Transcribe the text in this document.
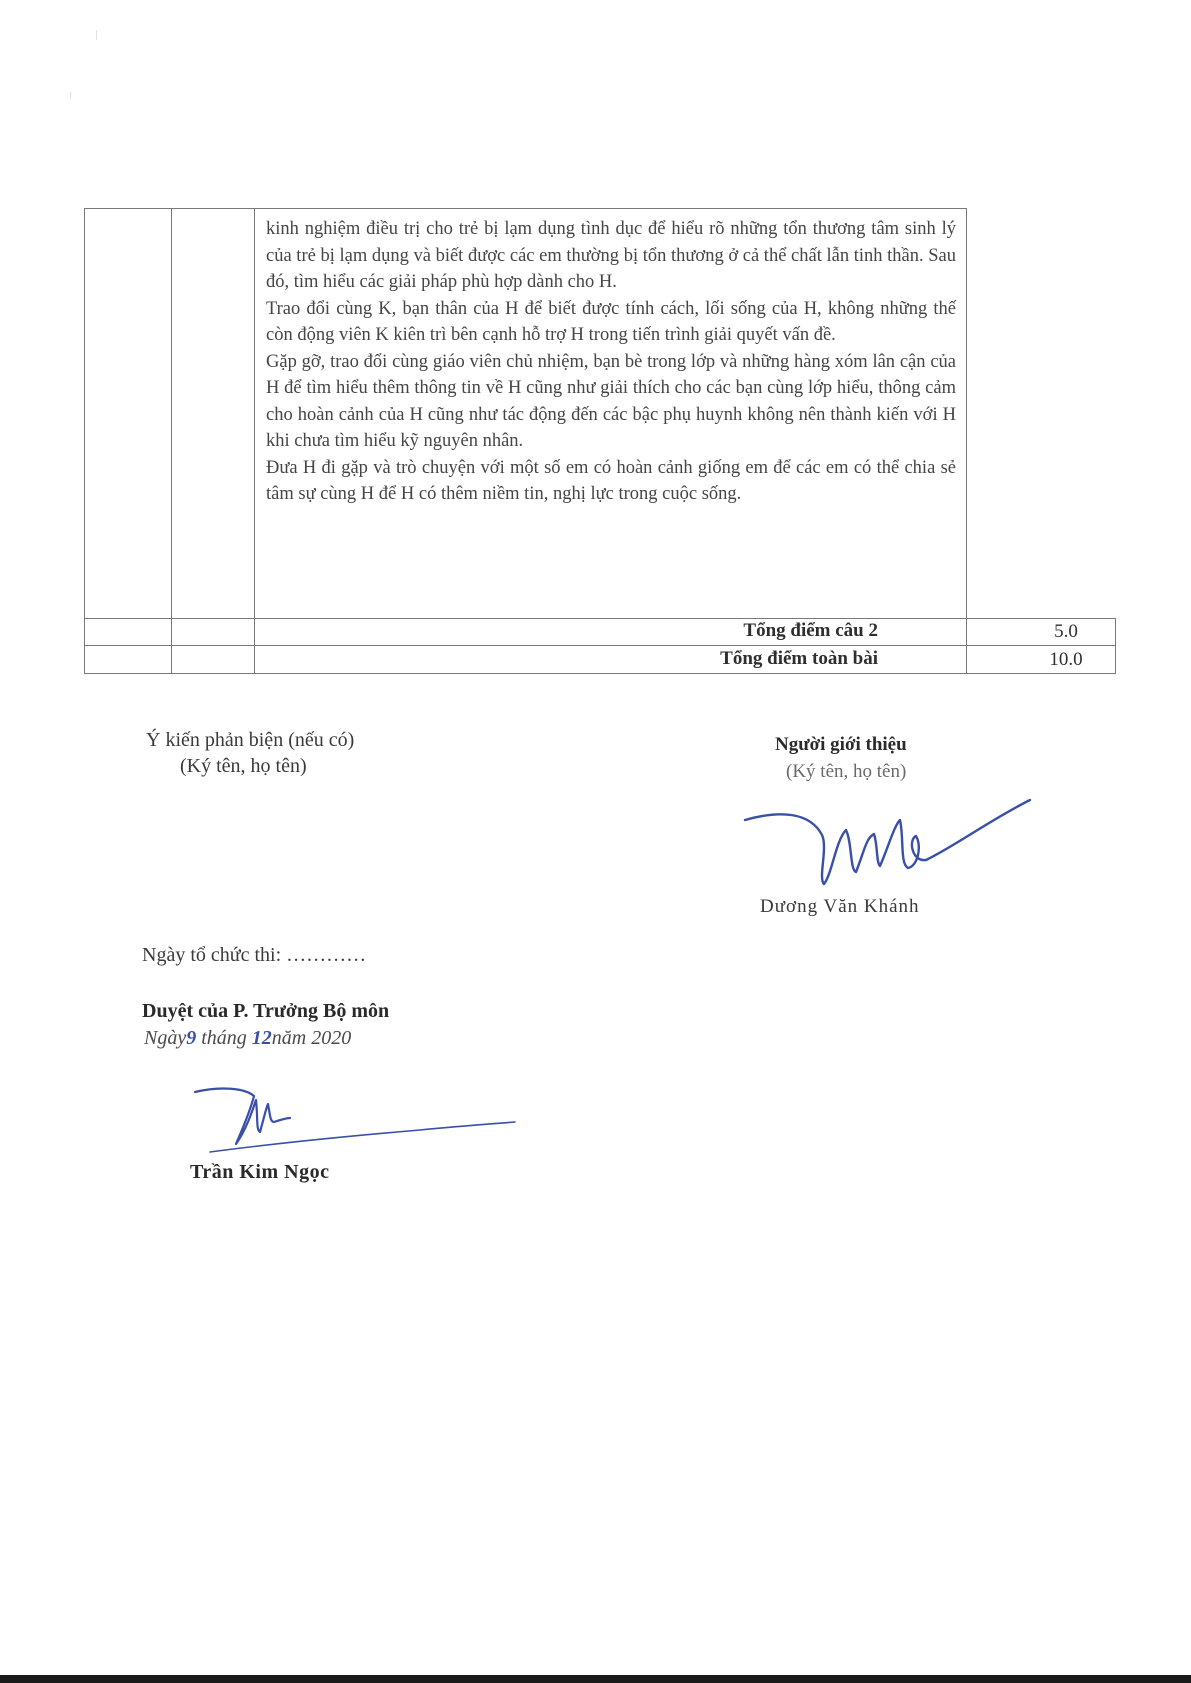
kinh nghiệm điều trị cho trẻ bị lạm dụng tình dục để hiểu rõ những tổn thương tâm sinh lý của trẻ bị lạm dụng và biết được các em thường bị tổn thương ở cả thể chất lẫn tinh thần. Sau đó, tìm hiểu các giải pháp phù hợp dành cho H.

Trao đổi cùng K, bạn thân của H để biết được tính cách, lối sống của H, không những thế còn động viên K kiên trì bên cạnh hỗ trợ H trong tiến trình giải quyết vấn đề.

Gặp gỡ, trao đổi cùng giáo viên chủ nhiệm, bạn bè trong lớp và những hàng xóm lân cận của H để tìm hiểu thêm thông tin về H cũng như giải thích cho các bạn cùng lớp hiểu, thông cảm cho hoàn cảnh của H cũng như tác động đến các bậc phụ huynh không nên thành kiến với H khi chưa tìm hiểu kỹ nguyên nhân.

Đưa H đi gặp và trò chuyện với một số em có hoàn cảnh giống em để các em có thể chia sẻ tâm sự cùng H để H có thêm niềm tin, nghị lực trong cuộc sống.

Tổng điểm câu 2	5.0
Tổng điểm toàn bài	10.0
Ý kiến phản biện (nếu có)
(Ký tên, họ tên)
Người giới thiệu
(Ký tên, họ tên)
Dương Văn Khánh
Ngày tổ chức thi: …………
Duyệt của P. Trưởng Bộ môn
Ngày9 tháng 12năm 2020
Trần Kim Ngọc
